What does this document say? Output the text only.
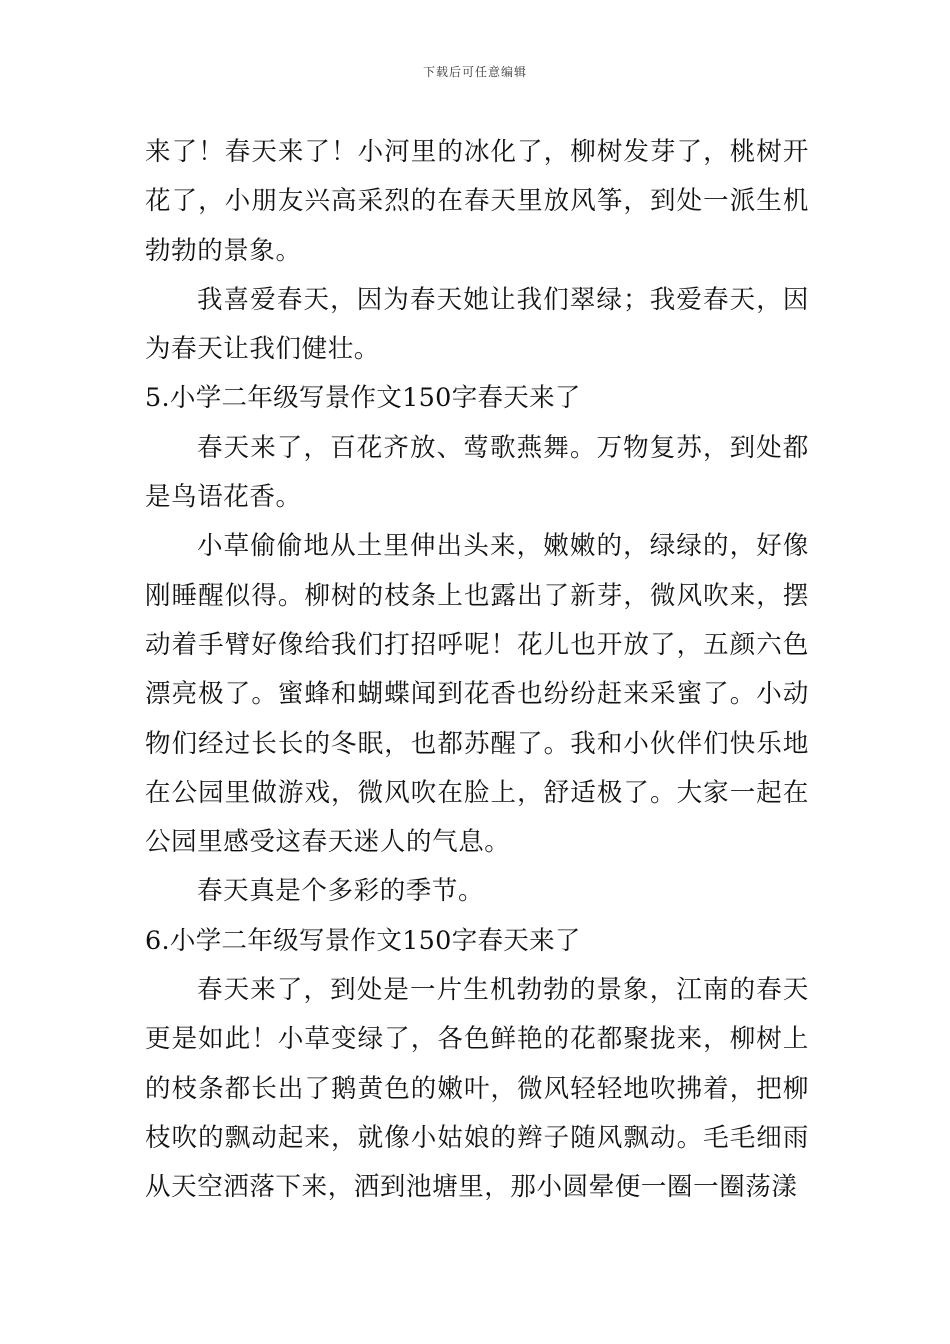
下载后可任意编辑

来了！春天来了！小河里的冰化了，柳树发芽了，桃树开花了，小朋友兴高采烈的在春天里放风筝，到处一派生机勃勃的景象。

我喜爱春天，因为春天她让我们翠绿；我爱春天，因为春天让我们健壮。

5.小学二年级写景作文150字春天来了

春天来了，百花齐放、莺歌燕舞。万物复苏，到处都是鸟语花香。

小草偷偷地从土里伸出头来，嫩嫩的，绿绿的，好像刚睡醒似得。柳树的枝条上也露出了新芽，微风吹来，摆动着手臂好像给我们打招呼呢！花儿也开放了，五颜六色漂亮极了。蜜蜂和蝴蝶闻到花香也纷纷赶来采蜜了。小动物们经过长长的冬眠，也都苏醒了。我和小伙伴们快乐地在公园里做游戏，微风吹在脸上，舒适极了。大家一起在公园里感受这春天迷人的气息。

春天真是个多彩的季节。

6.小学二年级写景作文150字春天来了

春天来了，到处是一片生机勃勃的景象，江南的春天更是如此！小草变绿了，各色鲜艳的花都聚拢来，柳树上的枝条都长出了鹅黄色的嫩叶，微风轻轻地吹拂着，把柳枝吹的飘动起来，就像小姑娘的辫子随风飘动。毛毛细雨从天空洒落下来，洒到池塘里，那小圆晕便一圈一圈荡漾
